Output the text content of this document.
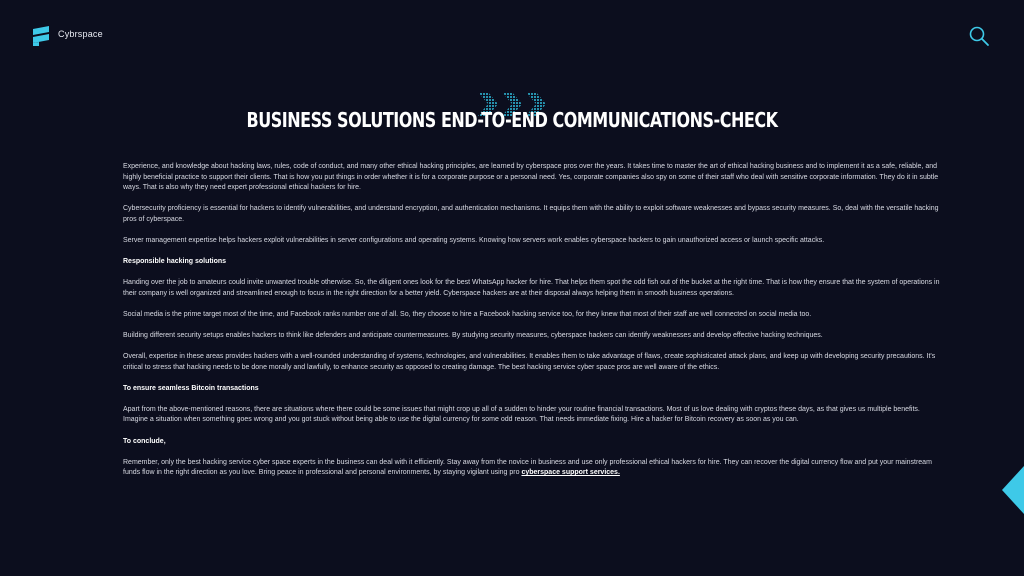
Cybrspace
BUSINESS SOLUTIONS END-TO-END COMMUNICATIONS-CHECK

Experience, and knowledge about hacking laws, rules, code of conduct, and many other ethical hacking principles, are learned by cyberspace pros over the years. It takes time to master the art of ethical hacking business and to implement it as a safe, reliable, and highly beneficial practice to support their clients. That is how you put things in order whether it is for a corporate purpose or a personal need. Yes, corporate companies also spy on some of their staff who deal with sensitive corporate information. They do it in subtle ways. That is also why they need expert professional ethical hackers for hire.

Cybersecurity proficiency is essential for hackers to identify vulnerabilities, and understand encryption, and authentication mechanisms. It equips them with the ability to exploit software weaknesses and bypass security measures. So, deal with the versatile hacking pros of cyberspace.

Server management expertise helps hackers exploit vulnerabilities in server configurations and operating systems. Knowing how servers work enables cyberspace hackers to gain unauthorized access or launch specific attacks.

Responsible hacking solutions

Handing over the job to amateurs could invite unwanted trouble otherwise. So, the diligent ones look for the best WhatsApp hacker for hire. That helps them spot the odd fish out of the bucket at the right time. That is how they ensure that the system of operations in their company is well organized and streamlined enough to focus in the right direction for a better yield. Cyberspace hackers are at their disposal always helping them in smooth business operations.

Social media is the prime target most of the time, and Facebook ranks number one of all. So, they choose to hire a Facebook hacking service too, for they knew that most of their staff are well connected on social media too.

Building different security setups enables hackers to think like defenders and anticipate countermeasures. By studying security measures, cyberspace hackers can identify weaknesses and develop effective hacking techniques.

Overall, expertise in these areas provides hackers with a well-rounded understanding of systems, technologies, and vulnerabilities. It enables them to take advantage of flaws, create sophisticated attack plans, and keep up with developing security precautions. It's critical to stress that hacking needs to be done morally and lawfully, to enhance security as opposed to creating damage. The best hacking service cyber space pros are well aware of the ethics.

To ensure seamless Bitcoin transactions

Apart from the above-mentioned reasons, there are situations where there could be some issues that might crop up all of a sudden to hinder your routine financial transactions. Most of us love dealing with cryptos these days, as that gives us multiple benefits. Imagine a situation when something goes wrong and you got stuck without being able to use the digital currency for some odd reason. That needs immediate fixing. Hire a hacker for Bitcoin recovery as soon as you can.

To conclude,

Remember, only the best hacking service cyber space experts in the business can deal with it efficiently. Stay away from the novice in business and use only professional ethical hackers for hire. They can recover the digital currency flow and put your mainstream funds flow in the right direction as you love. Bring peace in professional and personal environments, by staying vigilant using pro cyberspace support services.
